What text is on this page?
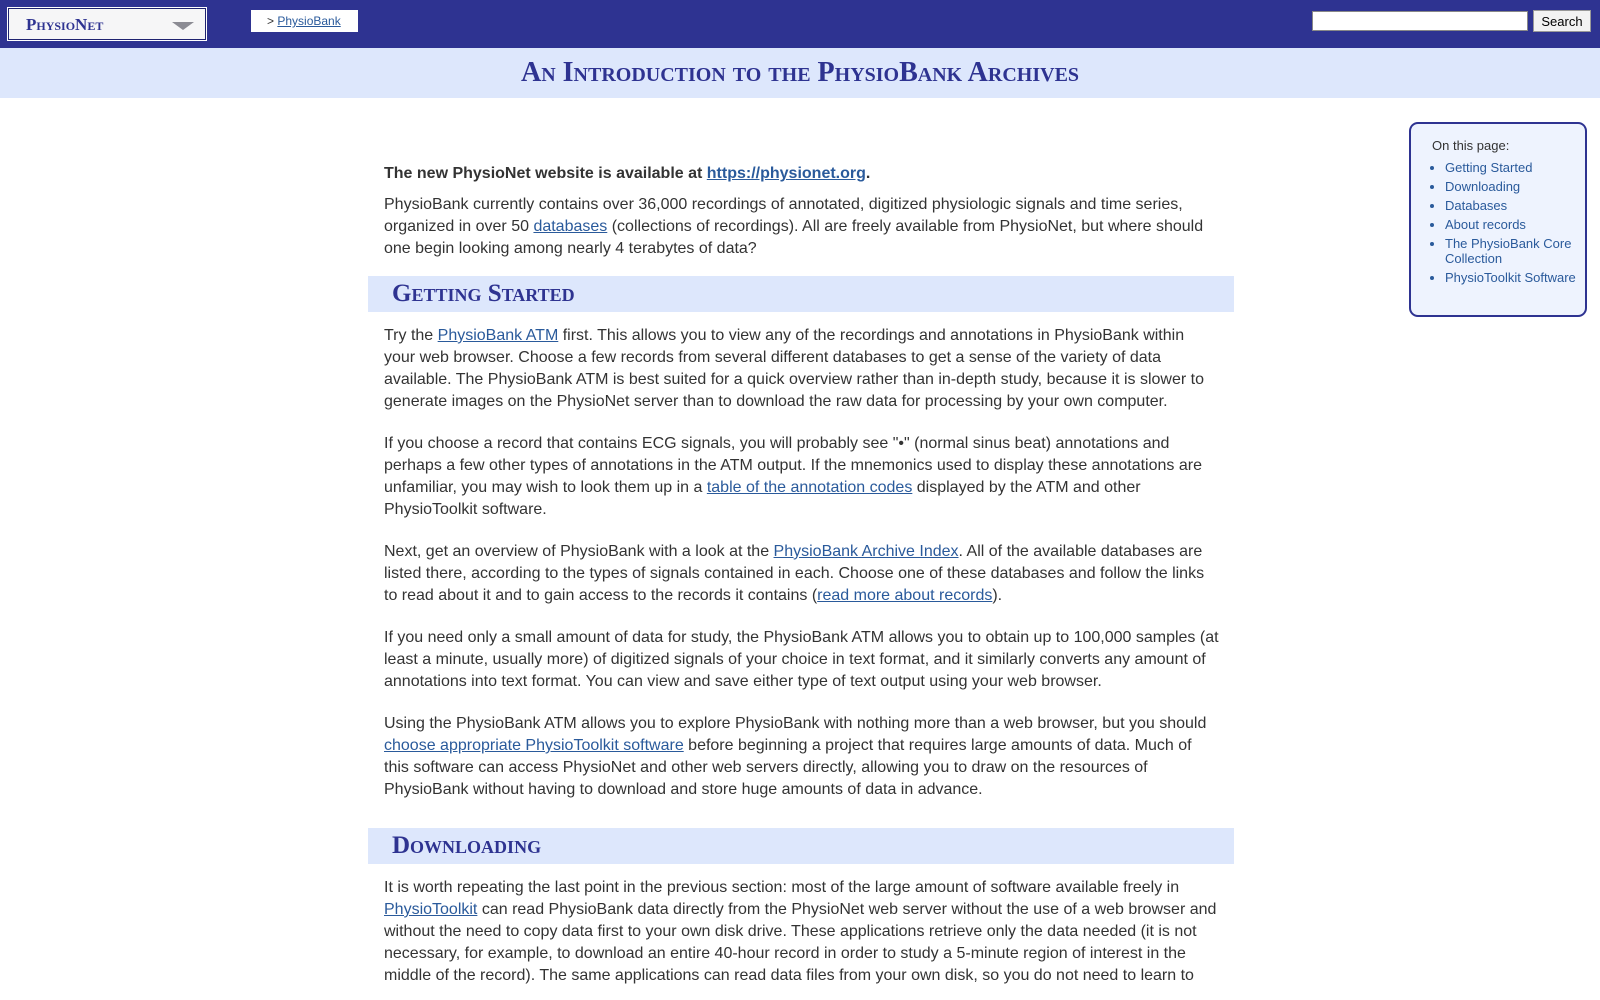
PhysioNet	> PhysioBank	Search
An Introduction to the PhysioBank Archives
On this page:
• Getting Started
• Downloading
• Databases
• About records
• The PhysioBank Core Collection
• PhysioToolkit Software

The new PhysioNet website is available at https://physionet.org.

PhysioBank currently contains over 36,000 recordings of annotated, digitized physiologic signals and time series, organized in over 50 databases (collections of recordings). All are freely available from PhysioNet, but where should one begin looking among nearly 4 terabytes of data?

Getting Started

Try the PhysioBank ATM first. This allows you to view any of the recordings and annotations in PhysioBank within your web browser. Choose a few records from several different databases to get a sense of the variety of data available. The PhysioBank ATM is best suited for a quick overview rather than in-depth study, because it is slower to generate images on the PhysioNet server than to download the raw data for processing by your own computer.

If you choose a record that contains ECG signals, you will probably see "•" (normal sinus beat) annotations and perhaps a few other types of annotations in the ATM output. If the mnemonics used to display these annotations are unfamiliar, you may wish to look them up in a table of the annotation codes displayed by the ATM and other PhysioToolkit software.

Next, get an overview of PhysioBank with a look at the PhysioBank Archive Index. All of the available databases are listed there, according to the types of signals contained in each. Choose one of these databases and follow the links to read about it and to gain access to the records it contains (read more about records).

If you need only a small amount of data for study, the PhysioBank ATM allows you to obtain up to 100,000 samples (at least a minute, usually more) of digitized signals of your choice in text format, and it similarly converts any amount of annotations into text format. You can view and save either type of text output using your web browser.

Using the PhysioBank ATM allows you to explore PhysioBank with nothing more than a web browser, but you should choose appropriate PhysioToolkit software before beginning a project that requires large amounts of data. Much of this software can access PhysioNet and other web servers directly, allowing you to draw on the resources of PhysioBank without having to download and store huge amounts of data in advance.

Downloading

It is worth repeating the last point in the previous section: most of the large amount of software available freely in PhysioToolkit can read PhysioBank data directly from the PhysioNet web server without the use of a web browser and without the need to copy data first to your own disk drive. These applications retrieve only the data needed (it is not necessary, for example, to download an entire 40-hour record in order to study a 5-minute region of interest in the middle of the record). The same applications can read data files from your own disk, so you do not need to learn to
